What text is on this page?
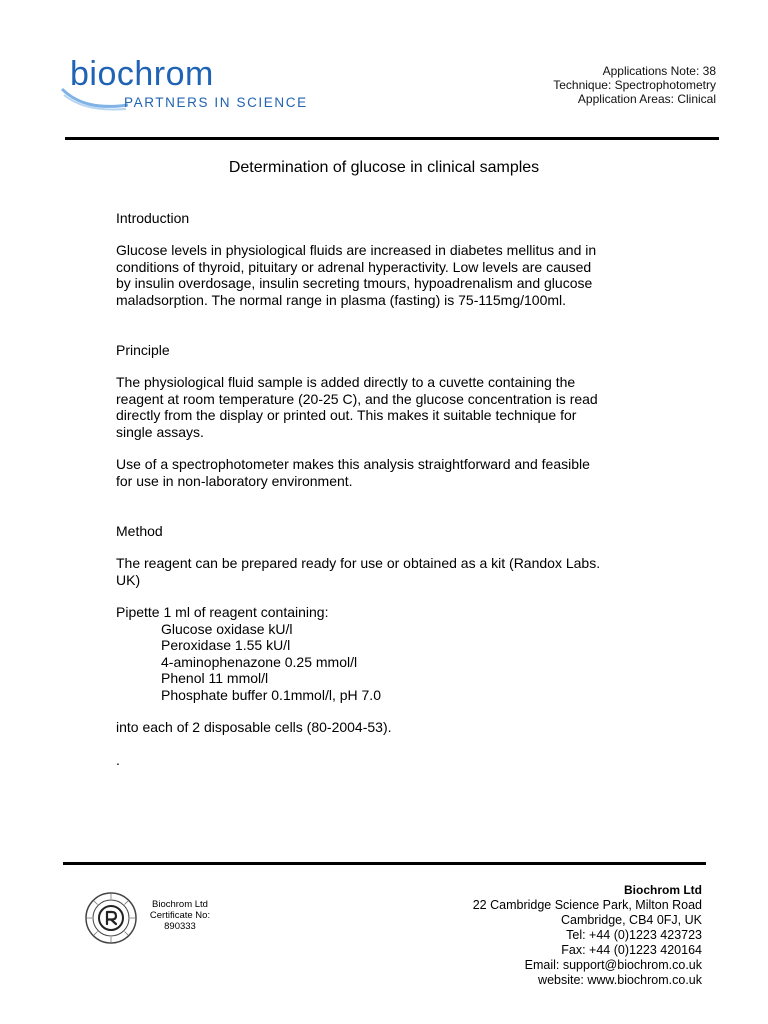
biochrom
PARTNERS IN SCIENCE
Applications Note: 38
Technique: Spectrophotometry
Application Areas: Clinical
Determination of glucose in clinical samples

Introduction

Glucose levels in physiological fluids are increased in diabetes mellitus and in
conditions of thyroid, pituitary or adrenal hyperactivity. Low levels are caused
by insulin overdosage, insulin secreting tmours, hypoadrenalism and glucose
maladsorption. The normal range in plasma (fasting) is 75-115mg/100ml.

Principle

The physiological fluid sample is added directly to a cuvette containing the
reagent at room temperature (20-25 C), and the glucose concentration is read
directly from the display or printed out. This makes it suitable technique for
single assays.

Use of a spectrophotometer makes this analysis straightforward and feasible
for use in non-laboratory environment.

Method

The reagent can be prepared ready for use or obtained as a kit (Randox Labs.
UK)

Pipette 1 ml of reagent containing:

Glucose oxidase kU/l
Peroxidase 1.55 kU/l
4-aminophenazone 0.25 mmol/l
Phenol 11 mmol/l
Phosphate buffer 0.1mmol/l, pH 7.0

into each of 2 disposable cells (80-2004-53).

.

Biochrom Ltd
Certificate No:
890333
Biochrom Ltd
22 Cambridge Science Park, Milton Road
Cambridge, CB4 0FJ, UK
Tel: +44 (0)1223 423723
Fax: +44 (0)1223 420164
Email: support@biochrom.co.uk
website: www.biochrom.co.uk
